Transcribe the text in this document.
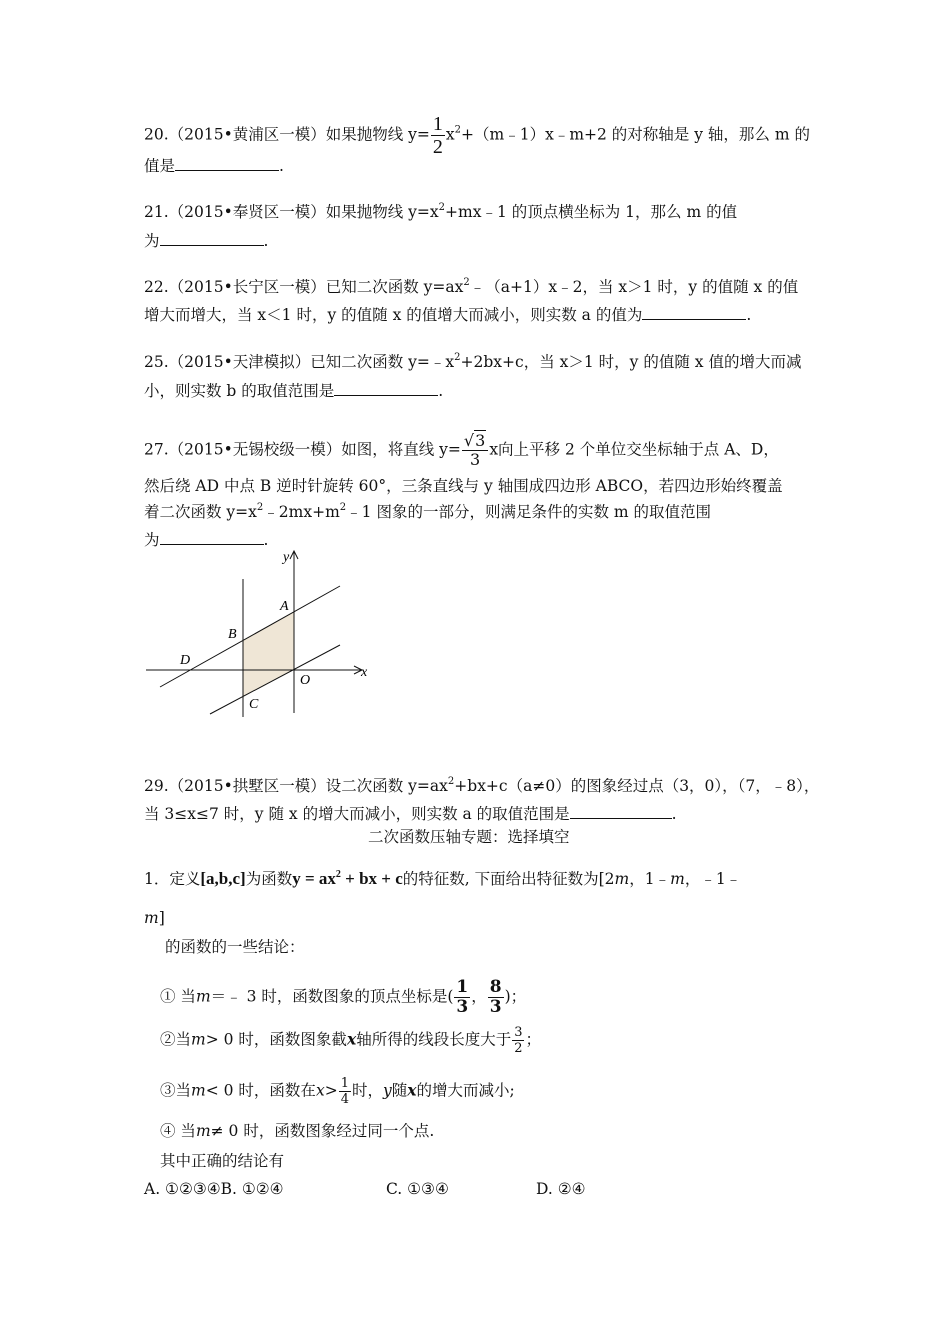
20.（2015•黄浦区一模）如果抛物线 $y= \frac{1}{2}$ $x^2+(m﹣1)x﹣m+2$ 的对称轴是 y 轴，那么 m 的
值是	.
21.（2015•奉贤区一模）如果抛物线 $y=x^2+mx﹣1$ 的顶点横坐标为 1，那么 m 的值
为	.
22.（2015•长宁区一模）已知二次函数 $y=ax^2﹣(a+1)x﹣2$，当 x＞1 时，y 的值随 x 的值
增大而增大，当 x＜1 时，y 的值随 x 的值增大而减小，则实数 a 的值为	.
25.（2015•天津模拟）已知二次函数 $y=﹣x^2+2bx+c$，当 x＞1 时，y 的值随 x 值的增大而减
小，则实数 b 的取值范围是	.
27.（2015•无锡校级一模）如图，将直线 $y= \frac{√3}{3}$ x向上平移 2 个单位交坐标轴于点 A、D，
然后绕 AD 中点 B 逆时针旋转 60°，三条直线与 y 轴围成四边形 ABCO，若四边形始终覆盖
着二次函数 $y=x^2﹣2mx+m^2﹣1$ 图象的一部分，则满足条件的实数 m 的取值范围
为	.
y
x
A
B
C
D
O
29.（2015•拱墅区一模）设二次函数 $y=ax^2+bx+c(a\ne 0)$的图象经过点（3，0），（7，﹣8），
当 3≤x≤7 时，y 随 x 的增大而减小，则实数 a 的取值范围是	.
二次函数压轴专题：选择填空
1．定义[a,b,c]为函数$y = ax^2$ + bx + c的特征数, 下面给出特征数为[2m，1﹣m，﹣1﹣
m]
的函数的一些结论：
① 当m＝﹣ 3 时，函数图象的顶点坐标是( $\frac{1}{3}$ ， $\frac{8}{3}$ )；
②当m> 0 时，函数图象截x轴所得的线段长度大于 $\frac{3}{2}$ ；
③当m< 0 时，函数在$x> \frac{1}{4}$ 时，y随x的增大而减小;
④ 当m≠ 0 时，函数图象经过同一个点.
其中正确的结论有
A. ①②③④B. ①②④	C. ①③④	D. ②④
